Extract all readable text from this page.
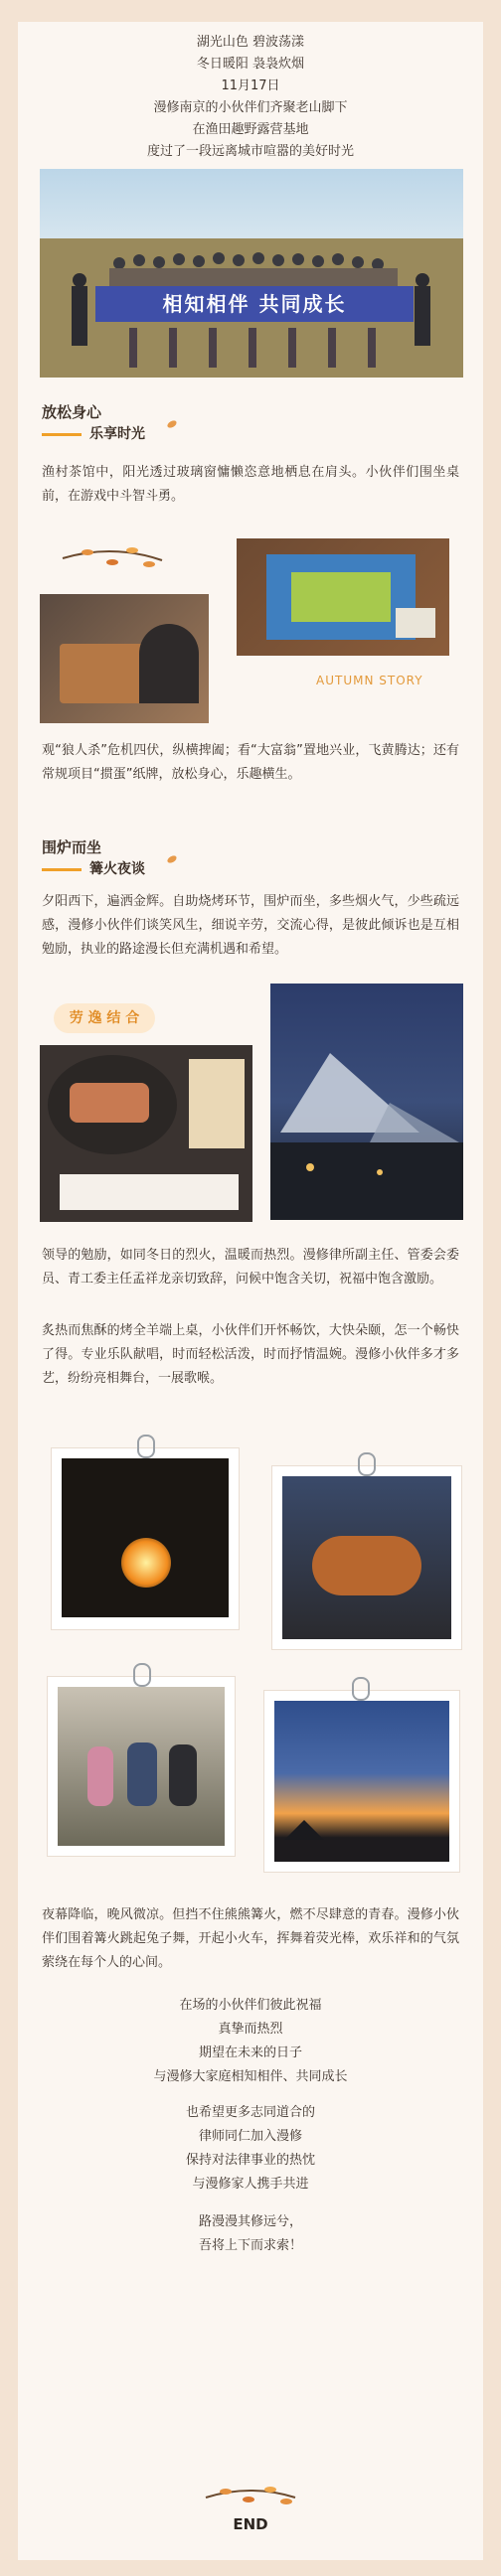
湖光山色 碧波荡漾
冬日暖阳 袅袅炊烟
11月17日
漫修南京的小伙伴们齐聚老山脚下
在渔田趣野露营基地
度过了一段远离城市喧嚣的美好时光
相知相伴 共同成长
放松身心
乐享时光
渔村茶馆中，阳光透过玻璃窗慵懒恣意地栖息在肩头。小伙伴们围坐桌前，在游戏中斗智斗勇。
AUTUMN STORY
观“狼人杀”危机四伏，纵横捭阖；看“大富翁”置地兴业，飞黄腾达；还有常规项目“掼蛋”纸牌，放松身心，乐趣横生。
围炉而坐
篝火夜谈
夕阳西下，遍洒金辉。自助烧烤环节，围炉而坐，多些烟火气，少些疏远感，漫修小伙伴们谈笑风生，细说辛劳，交流心得，是彼此倾诉也是互相勉励，执业的路途漫长但充满机遇和希望。
劳 逸 结 合
领导的勉励，如同冬日的烈火，温暖而热烈。漫修律所副主任、管委会委员、青工委主任孟祥龙亲切致辞，问候中饱含关切，祝福中饱含激励。
炙热而焦酥的烤全羊端上桌，小伙伴们开怀畅饮，大快朵颐，怎一个畅快了得。专业乐队献唱，时而轻松活泼，时而抒情温婉。漫修小伙伴多才多艺，纷纷亮相舞台，一展歌喉。
夜幕降临，晚风微凉。但挡不住熊熊篝火，燃不尽肆意的青春。漫修小伙伴们围着篝火跳起兔子舞，开起小火车，挥舞着荧光棒，欢乐祥和的气氛萦绕在每个人的心间。
在场的小伙伴们彼此祝福
真挚而热烈
期望在未来的日子
与漫修大家庭相知相伴、共同成长
也希望更多志同道合的
律师同仁加入漫修
保持对法律事业的热忱
与漫修家人携手共进
路漫漫其修远兮，
吾将上下而求索！
END
